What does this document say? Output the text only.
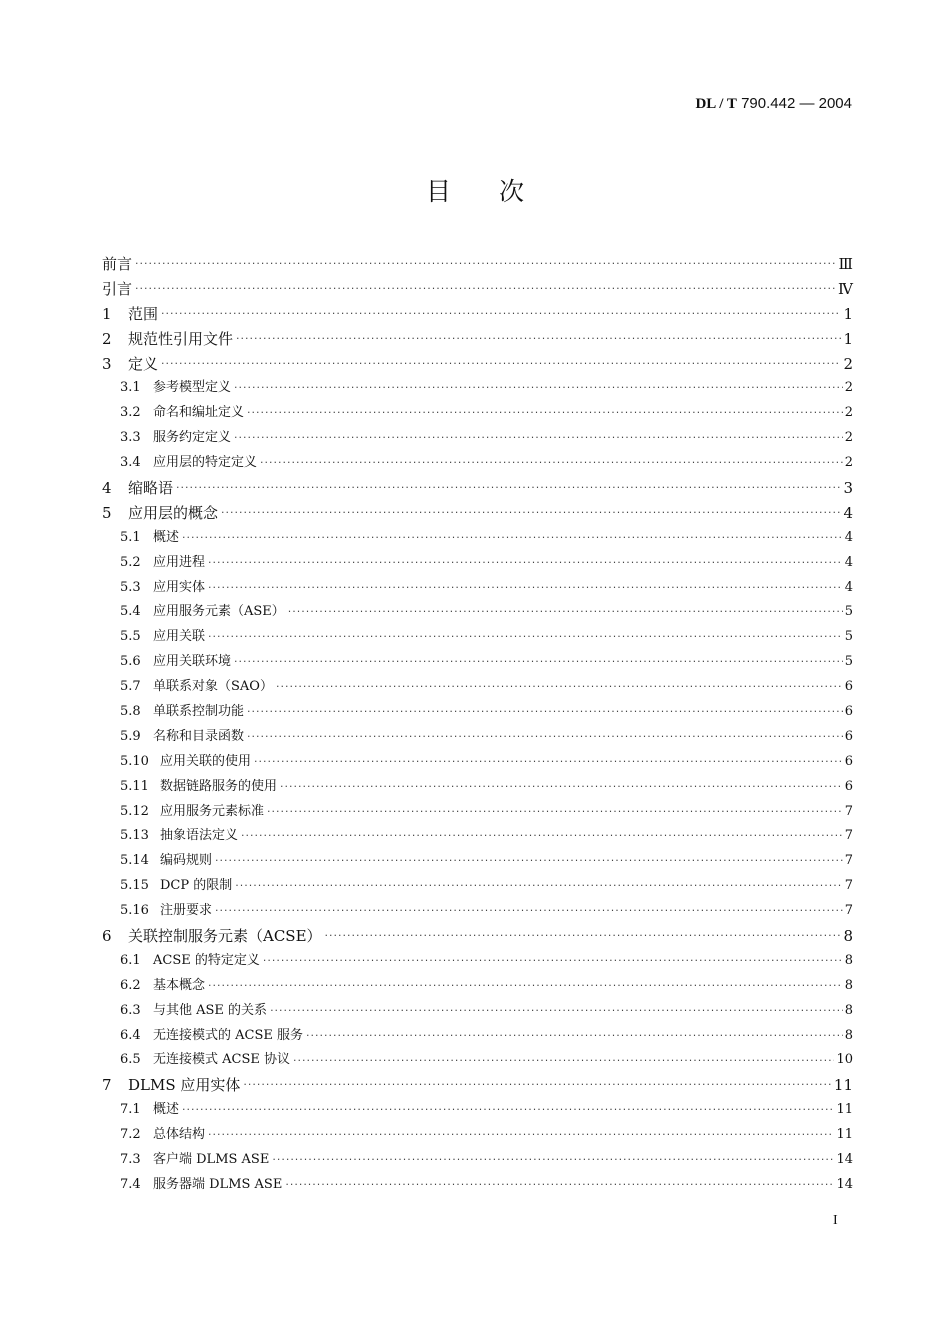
DL / T 790.442 — 2004
目次
前言 ·····	Ⅲ
引言 ·····	Ⅳ
1	范围 ·····	1
2	规范性引用文件 ·····	1
3	定义 ·····	2
3.1 参考模型定义 ·····	2
3.2 命名和编址定义 ·····	2
3.3 服务约定定义 ·····	2
3.4 应用层的特定定义 ·····	2
4	缩略语 ·····	3
5	应用层的概念 ·····	4
5.1 概述 ·····	4
5.2 应用进程 ·····	4
5.3 应用实体 ·····	4
5.4 应用服务元素（ASE） ·····	5
5.5 应用关联 ·····	5
5.6 应用关联环境 ·····	5
5.7 单联系对象（SAO） ·····	6
5.8 单联系控制功能 ·····	6
5.9 名称和目录函数 ·····	6
5.10 应用关联的使用 ·····	6
5.11 数据链路服务的使用 ·····	6
5.12 应用服务元素标准 ·····	7
5.13 抽象语法定义 ·····	7
5.14 编码规则 ·····	7
5.15 DCP 的限制 ·····	7
5.16 注册要求 ·····	7
6	关联控制服务元素（ACSE） ·····	8
6.1 ACSE 的特定定义 ·····	8
6.2 基本概念 ·····	8
6.3 与其他 ASE 的关系 ·····	8
6.4 无连接模式的 ACSE 服务 ·····	8
6.5 无连接模式 ACSE 协议 ·····	10
7	DLMS 应用实体 ·····	11
7.1 概述 ·····	11
7.2 总体结构 ·····	11
7.3 客户端 DLMS ASE ·····	14
7.4 服务器端 DLMS ASE ·····	14
I
